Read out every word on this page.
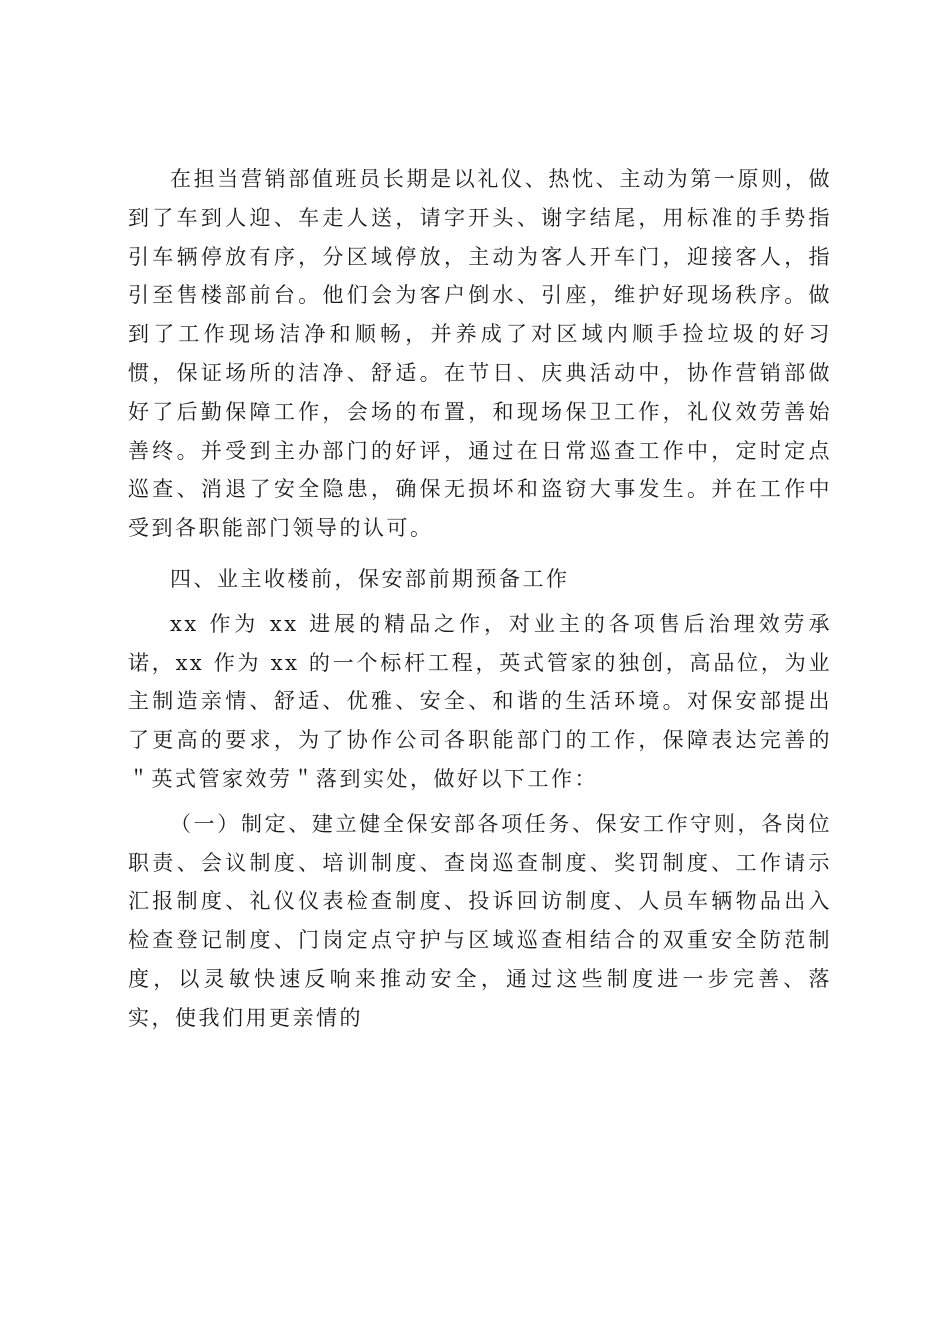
在担当营销部值班员长期是以礼仪、热忱、主动为第一原则，做到了车到人迎、车走人送，请字开头、谢字结尾，用标准的手势指引车辆停放有序，分区域停放，主动为客人开车门，迎接客人，指引至售楼部前台。他们会为客户倒水、引座，维护好现场秩序。做到了工作现场洁净和顺畅，并养成了对区域内顺手捡垃圾的好习惯，保证场所的洁净、舒适。在节日、庆典活动中，协作营销部做好了后勤保障工作，会场的布置，和现场保卫工作，礼仪效劳善始善终。并受到主办部门的好评，通过在日常巡查工作中，定时定点巡查、消退了安全隐患，确保无损坏和盗窃大事发生。并在工作中受到各职能部门领导的认可。

四、业主收楼前，保安部前期预备工作

xx 作为 xx 进展的精品之作，对业主的各项售后治理效劳承诺，xx 作为 xx 的一个标杆工程，英式管家的独创，高品位，为业主制造亲情、舒适、优雅、安全、和谐的生活环境。对保安部提出了更高的要求，为了协作公司各职能部门的工作，保障表达完善的＂英式管家效劳＂落到实处，做好以下工作：

（一）制定、建立健全保安部各项任务、保安工作守则，各岗位职责、会议制度、培训制度、查岗巡查制度、奖罚制度、工作请示汇报制度、礼仪仪表检查制度、投诉回访制度、人员车辆物品出入检查登记制度、门岗定点守护与区域巡查相结合的双重安全防范制度，以灵敏快速反响来推动安全，通过这些制度进一步完善、落实，使我们用更亲情的
